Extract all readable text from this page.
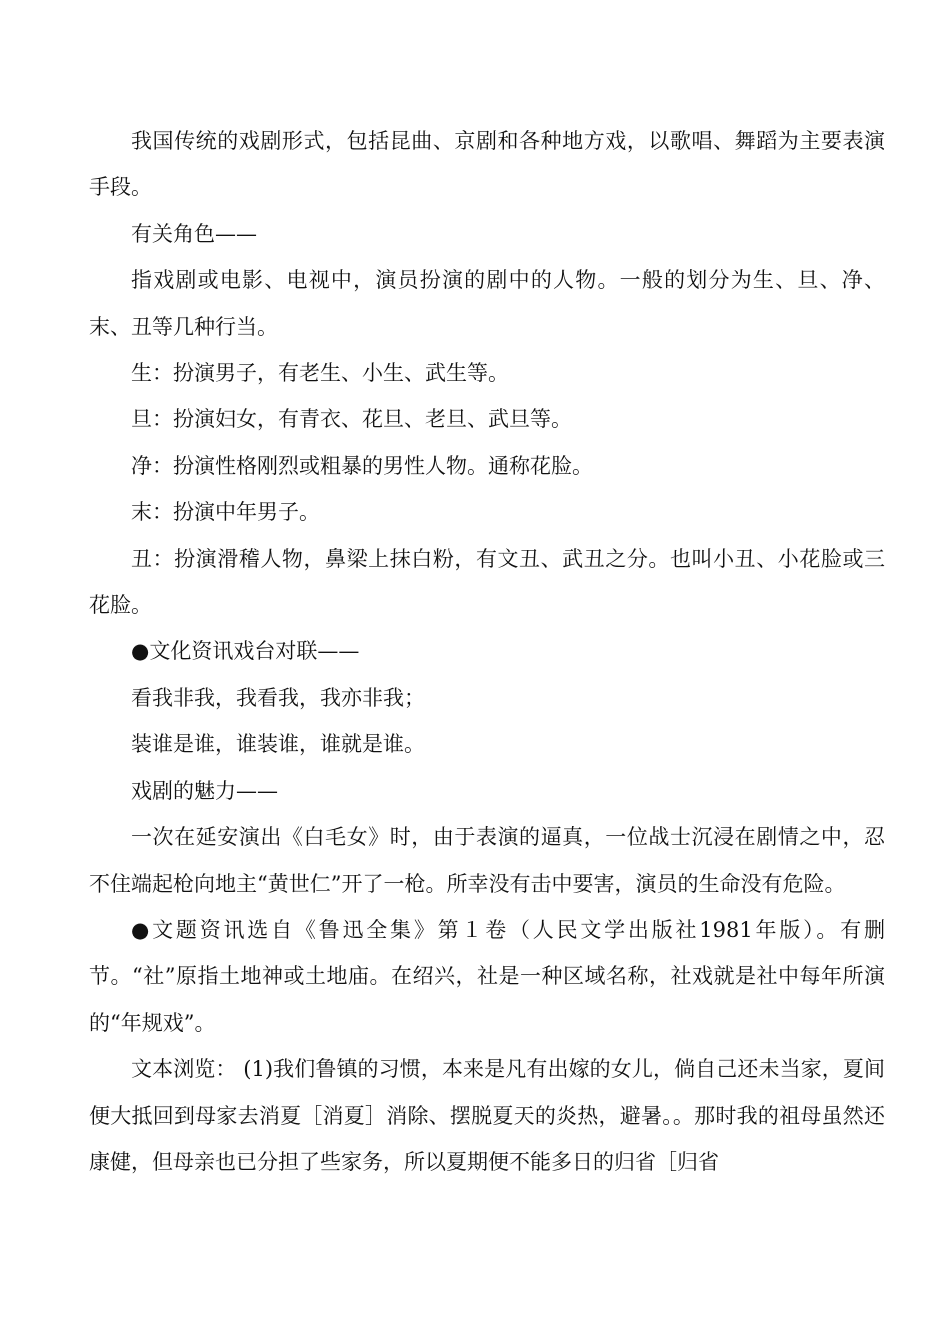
我国传统的戏剧形式，包括昆曲、京剧和各种地方戏，以歌唱、舞蹈为主要表演手段。

有关角色——

指戏剧或电影、电视中，演员扮演的剧中的人物。一般的划分为生、旦、净、末、丑等几种行当。

生：扮演男子，有老生、小生、武生等。

旦：扮演妇女，有青衣、花旦、老旦、武旦等。

净：扮演性格刚烈或粗暴的男性人物。通称花脸。

末：扮演中年男子。

丑：扮演滑稽人物，鼻梁上抹白粉，有文丑、武丑之分。也叫小丑、小花脸或三花脸。

●文化资讯戏台对联——

看我非我，我看我，我亦非我；

装谁是谁，谁装谁，谁就是谁。

戏剧的魅力——

一次在延安演出《白毛女》时，由于表演的逼真，一位战士沉浸在剧情之中，忍不住端起枪向地主“黄世仁”开了一枪。所幸没有击中要害，演员的生命没有危险。

●文题资讯选自《鲁迅全集》第１卷（人民文学出版社1981年版）。有删节。“社”原指土地神或土地庙。在绍兴，社是一种区域名称，社戏就是社中每年所演的“年规戏”。

文本浏览： (1)我们鲁镇的习惯，本来是凡有出嫁的女儿，倘自己还未当家，夏间便大抵回到母家去消夏［消夏］消除、摆脱夏天的炎热，避暑。。那时我的祖母虽然还康健，但母亲也已分担了些家务，所以夏期便不能多日的归省［归省
